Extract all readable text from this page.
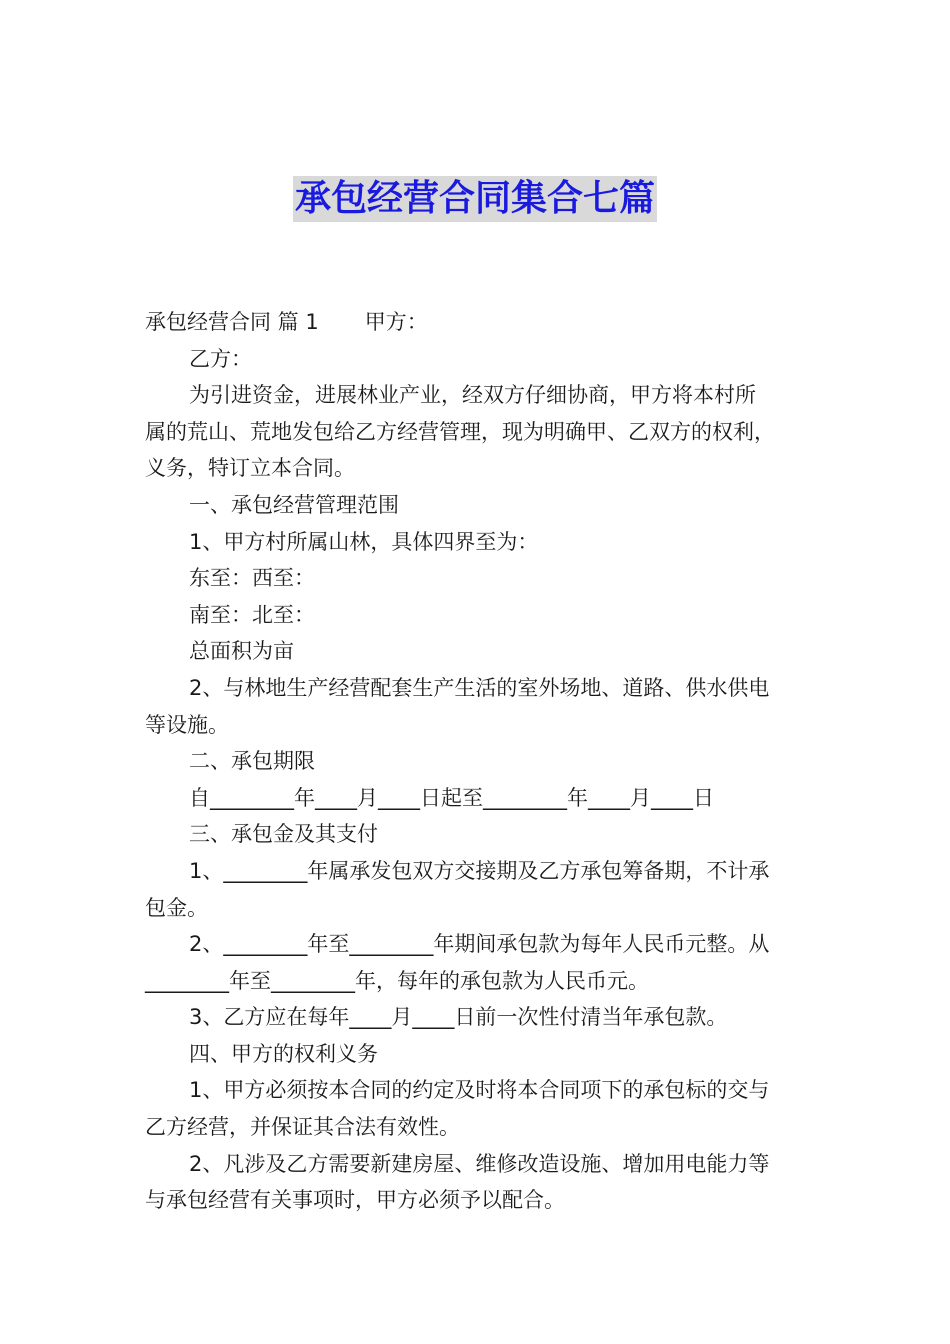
承包经营合同集合七篇
承包经营合同 篇 1 甲方：
乙方：
为引进资金，进展林业产业，经双方仔细协商，甲方将本村所
属的荒山、荒地发包给乙方经营管理，现为明确甲、乙双方的权利，
义务，特订立本合同。
一、承包经营管理范围
1、甲方村所属山林，具体四界至为：
东至：西至：
南至：北至：
总面积为亩
2、与林地生产经营配套生产生活的室外场地、道路、供水供电
等设施。
二、承包期限
自________年____月____日起至________年____月____日
三、承包金及其支付
1、________年属承发包双方交接期及乙方承包筹备期，不计承
包金。
2、________年至________年期间承包款为每年人民币元整。从
________年至________年，每年的承包款为人民币元。
3、乙方应在每年____月____日前一次性付清当年承包款。
四、甲方的权利义务
1、甲方必须按本合同的约定及时将本合同项下的承包标的交与
乙方经营，并保证其合法有效性。
2、凡涉及乙方需要新建房屋、维修改造设施、增加用电能力等
与承包经营有关事项时，甲方必须予以配合。
